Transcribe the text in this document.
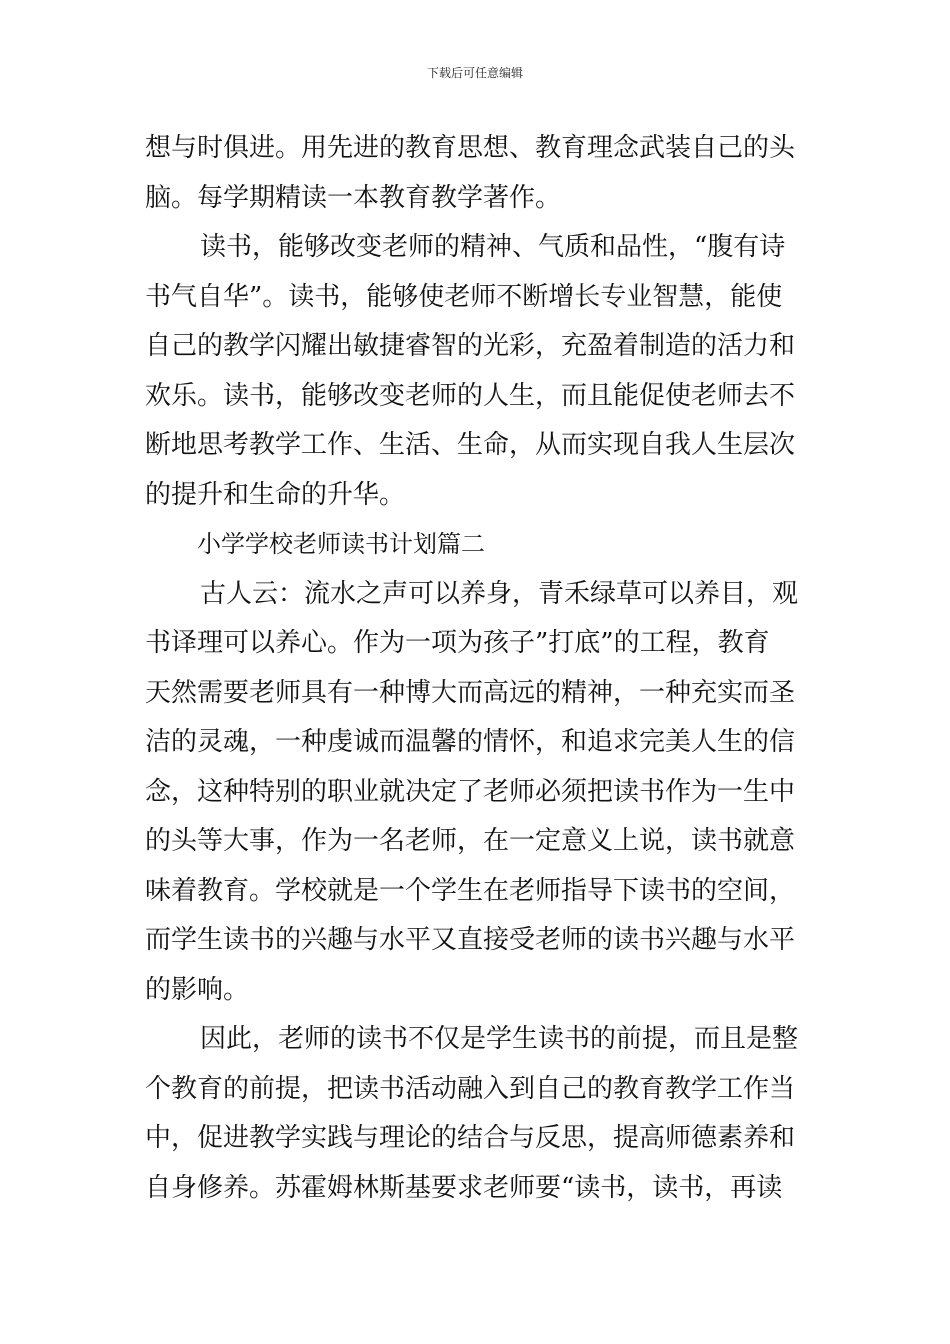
下载后可任意编辑
想与时俱进。用先进的教育思想、教育理念武装自己的头
脑。每学期精读一本教育教学著作。
读书，能够改变老师的精神、气质和品性，“腹有诗
书气自华”。读书，能够使老师不断增长专业智慧，能使
自己的教学闪耀出敏捷睿智的光彩，充盈着制造的活力和
欢乐。读书，能够改变老师的人生，而且能促使老师去不
断地思考教学工作、生活、生命，从而实现自我人生层次
的提升和生命的升华。
小学学校老师读书计划篇二
古人云：流水之声可以养身，青禾绿草可以养目，观
书译理可以养心。作为一项为孩子”打底”的工程，教育
天然需要老师具有一种博大而高远的精神，一种充实而圣
洁的灵魂，一种虔诚而温馨的情怀，和追求完美人生的信
念，这种特别的职业就决定了老师必须把读书作为一生中
的头等大事，作为一名老师，在一定意义上说，读书就意
味着教育。学校就是一个学生在老师指导下读书的空间，
而学生读书的兴趣与水平又直接受老师的读书兴趣与水平
的影响。
因此，老师的读书不仅是学生读书的前提，而且是整
个教育的前提，把读书活动融入到自己的教育教学工作当
中，促进教学实践与理论的结合与反思，提高师德素养和
自身修养。苏霍姆林斯基要求老师要“读书，读书，再读
